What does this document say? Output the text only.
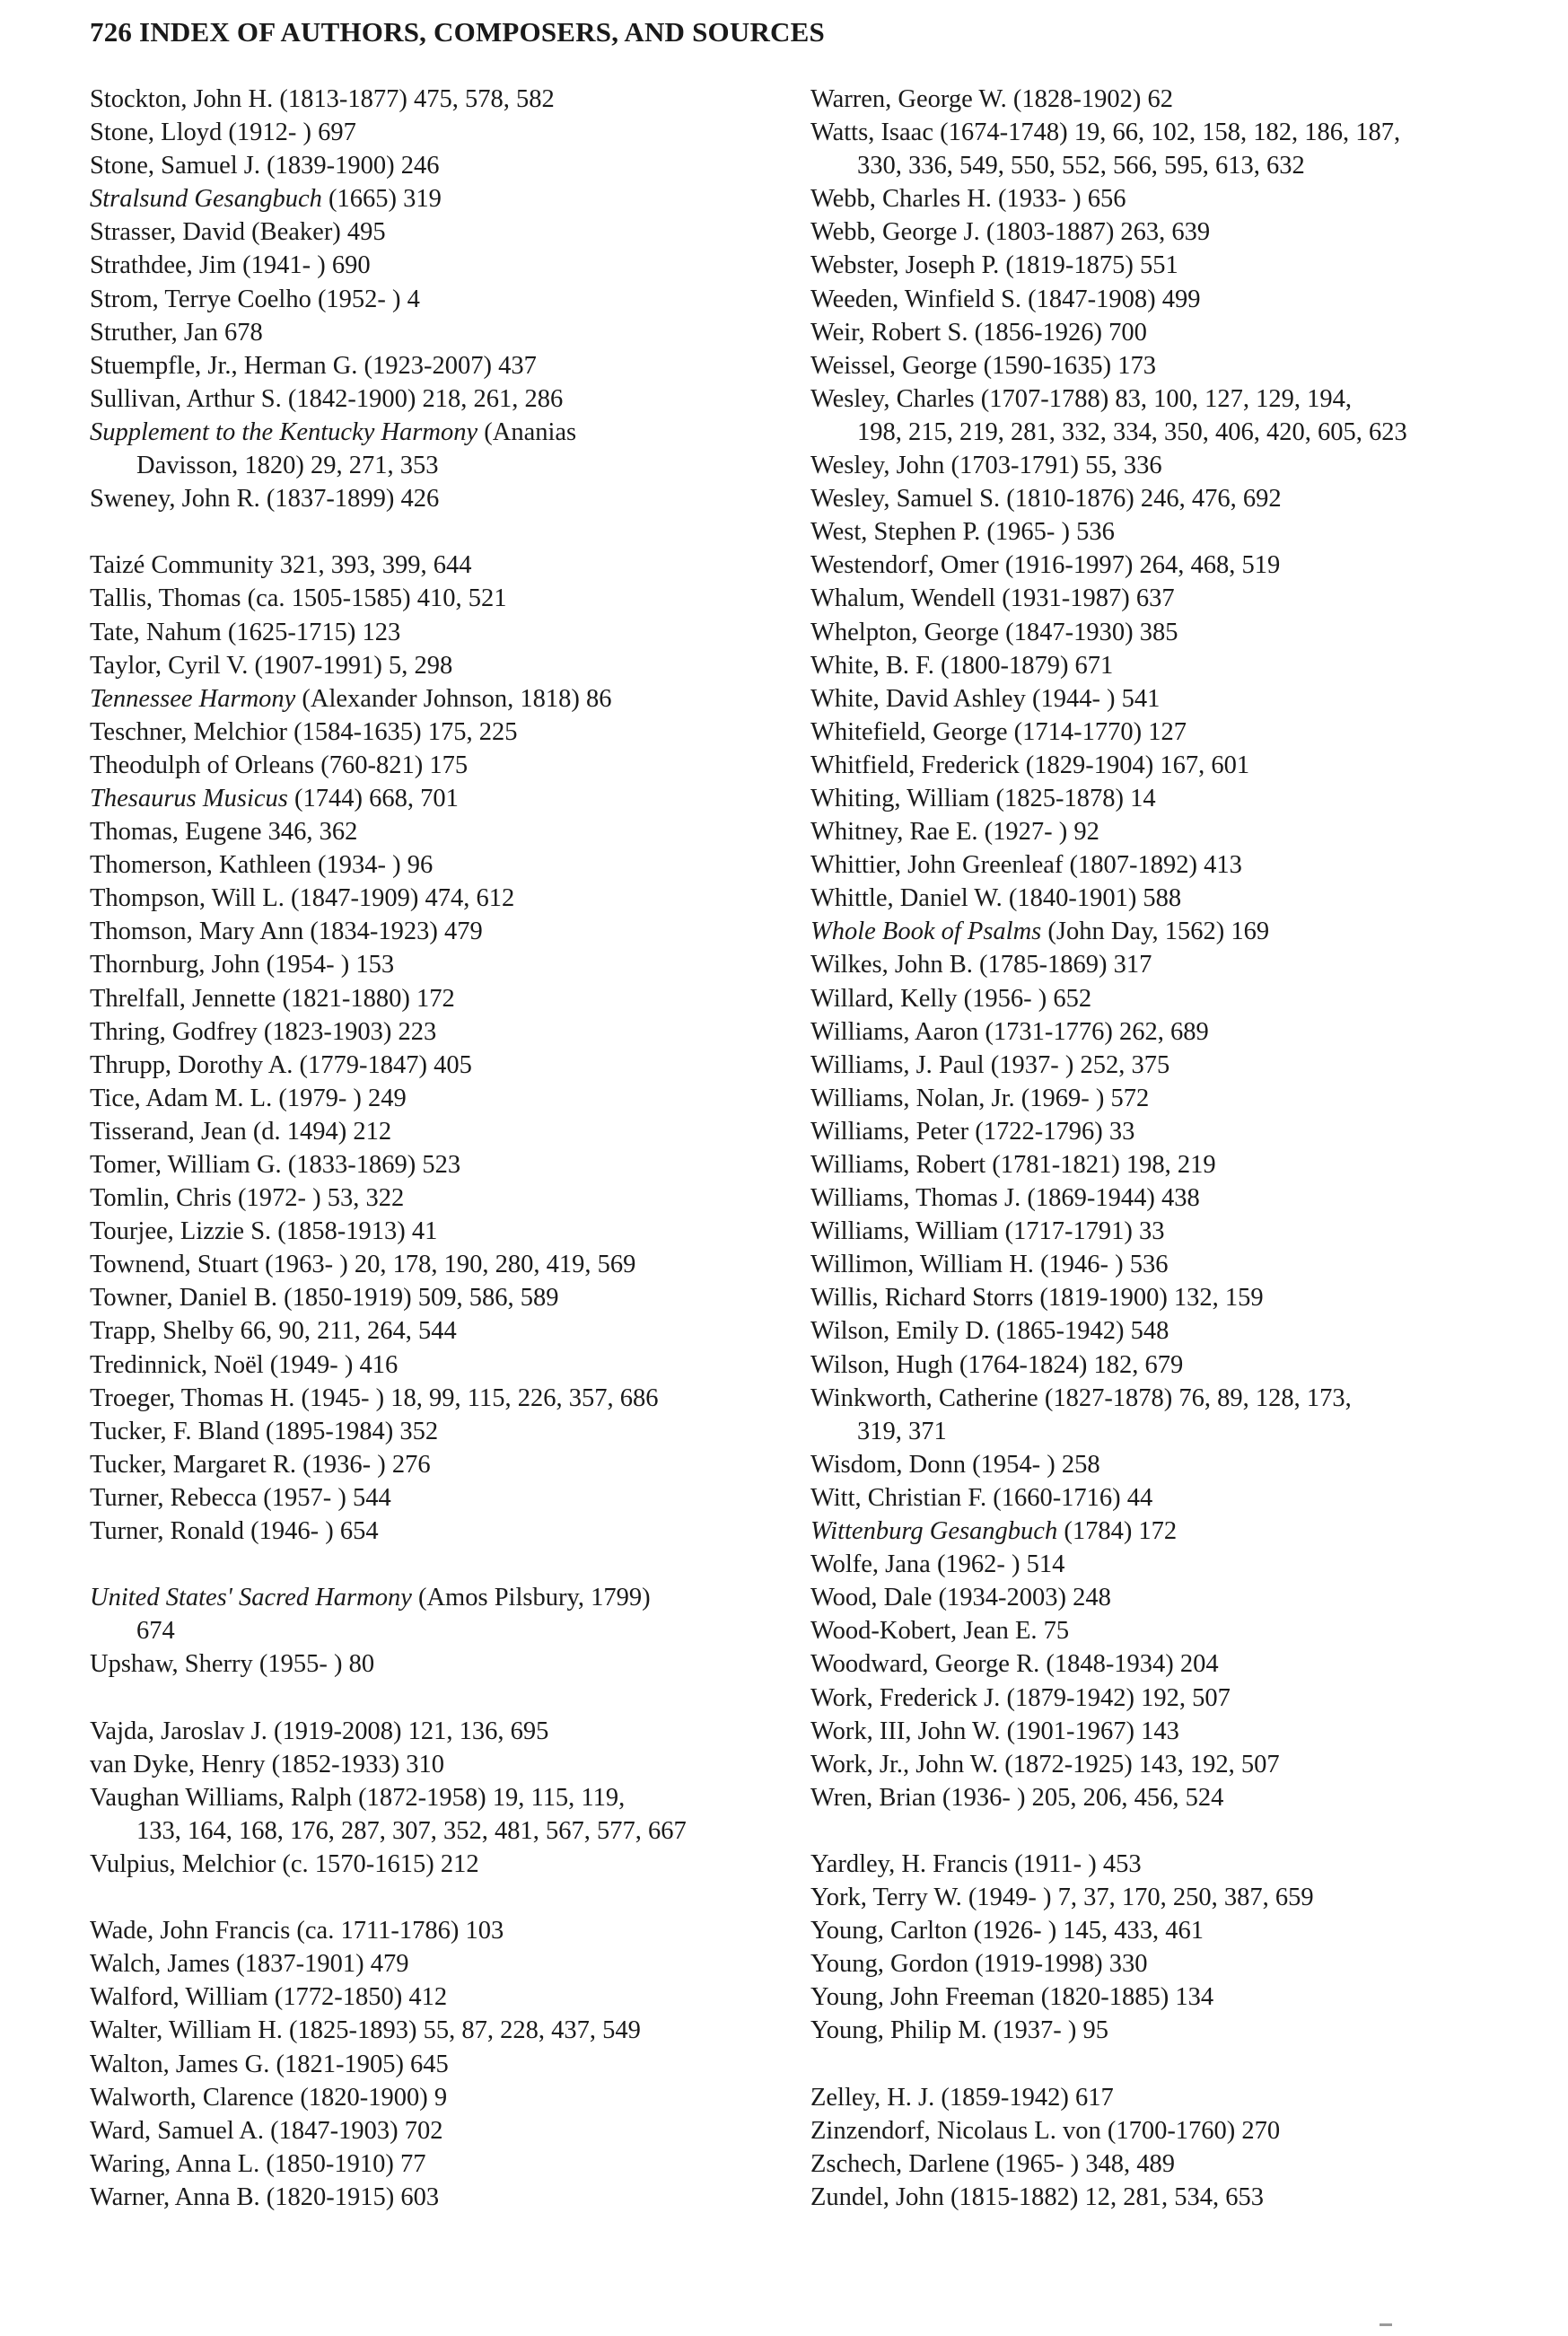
726 INDEX OF AUTHORS, COMPOSERS, AND SOURCES
Stockton, John H. (1813-1877) 475, 578, 582
Stone, Lloyd (1912- ) 697
Stone, Samuel J. (1839-1900) 246
Stralsund Gesangbuch (1665) 319
Strasser, David (Beaker) 495
Strathdee, Jim (1941- ) 690
Strom, Terrye Coelho (1952- ) 4
Struther, Jan 678
Stuempfle, Jr., Herman G. (1923-2007) 437
Sullivan, Arthur S. (1842-1900) 218, 261, 286
Supplement to the Kentucky Harmony (Ananias
Davisson, 1820) 29, 271, 353
Sweney, John R. (1837-1899) 426
Taizé Community 321, 393, 399, 644
Tallis, Thomas (ca. 1505-1585) 410, 521
Tate, Nahum (1625-1715) 123
Taylor, Cyril V. (1907-1991) 5, 298
Tennessee Harmony (Alexander Johnson, 1818) 86
Teschner, Melchior (1584-1635) 175, 225
Theodulph of Orleans (760-821) 175
Thesaurus Musicus (1744) 668, 701
Thomas, Eugene 346, 362
Thomerson, Kathleen (1934- ) 96
Thompson, Will L. (1847-1909) 474, 612
Thomson, Mary Ann (1834-1923) 479
Thornburg, John (1954- ) 153
Threlfall, Jennette (1821-1880) 172
Thring, Godfrey (1823-1903) 223
Thrupp, Dorothy A. (1779-1847) 405
Tice, Adam M. L. (1979- ) 249
Tisserand, Jean (d. 1494) 212
Tomer, William G. (1833-1869) 523
Tomlin, Chris (1972- ) 53, 322
Tourjee, Lizzie S. (1858-1913) 41
Townend, Stuart (1963- ) 20, 178, 190, 280, 419, 569
Towner, Daniel B. (1850-1919) 509, 586, 589
Trapp, Shelby 66, 90, 211, 264, 544
Tredinnick, Noël (1949- ) 416
Troeger, Thomas H. (1945- ) 18, 99, 115, 226, 357, 686
Tucker, F. Bland (1895-1984) 352
Tucker, Margaret R. (1936- ) 276
Turner, Rebecca (1957- ) 544
Turner, Ronald (1946- ) 654
United States' Sacred Harmony (Amos Pilsbury, 1799)
674
Upshaw, Sherry (1955- ) 80
Vajda, Jaroslav J. (1919-2008) 121, 136, 695
van Dyke, Henry (1852-1933) 310
Vaughan Williams, Ralph (1872-1958) 19, 115, 119,
133, 164, 168, 176, 287, 307, 352, 481, 567, 577, 667
Vulpius, Melchior (c. 1570-1615) 212
Wade, John Francis (ca. 1711-1786) 103
Walch, James (1837-1901) 479
Walford, William (1772-1850) 412
Walter, William H. (1825-1893) 55, 87, 228, 437, 549
Walton, James G. (1821-1905) 645
Walworth, Clarence (1820-1900) 9
Ward, Samuel A. (1847-1903) 702
Waring, Anna L. (1850-1910) 77
Warner, Anna B. (1820-1915) 603
Warren, George W. (1828-1902) 62
Watts, Isaac (1674-1748) 19, 66, 102, 158, 182, 186, 187,
330, 336, 549, 550, 552, 566, 595, 613, 632
Webb, Charles H. (1933- ) 656
Webb, George J. (1803-1887) 263, 639
Webster, Joseph P. (1819-1875) 551
Weeden, Winfield S. (1847-1908) 499
Weir, Robert S. (1856-1926) 700
Weissel, George (1590-1635) 173
Wesley, Charles (1707-1788) 83, 100, 127, 129, 194,
198, 215, 219, 281, 332, 334, 350, 406, 420, 605, 623
Wesley, John (1703-1791) 55, 336
Wesley, Samuel S. (1810-1876) 246, 476, 692
West, Stephen P. (1965- ) 536
Westendorf, Omer (1916-1997) 264, 468, 519
Whalum, Wendell (1931-1987) 637
Whelpton, George (1847-1930) 385
White, B. F. (1800-1879) 671
White, David Ashley (1944- ) 541
Whitefield, George (1714-1770) 127
Whitfield, Frederick (1829-1904) 167, 601
Whiting, William (1825-1878) 14
Whitney, Rae E. (1927- ) 92
Whittier, John Greenleaf (1807-1892) 413
Whittle, Daniel W. (1840-1901) 588
Whole Book of Psalms (John Day, 1562) 169
Wilkes, John B. (1785-1869) 317
Willard, Kelly (1956- ) 652
Williams, Aaron (1731-1776) 262, 689
Williams, J. Paul (1937- ) 252, 375
Williams, Nolan, Jr. (1969- ) 572
Williams, Peter (1722-1796) 33
Williams, Robert (1781-1821) 198, 219
Williams, Thomas J. (1869-1944) 438
Williams, William (1717-1791) 33
Willimon, William H. (1946- ) 536
Willis, Richard Storrs (1819-1900) 132, 159
Wilson, Emily D. (1865-1942) 548
Wilson, Hugh (1764-1824) 182, 679
Winkworth, Catherine (1827-1878) 76, 89, 128, 173,
319, 371
Wisdom, Donn (1954- ) 258
Witt, Christian F. (1660-1716) 44
Wittenburg Gesangbuch (1784) 172
Wolfe, Jana (1962- ) 514
Wood, Dale (1934-2003) 248
Wood-Kobert, Jean E. 75
Woodward, George R. (1848-1934) 204
Work, Frederick J. (1879-1942) 192, 507
Work, III, John W. (1901-1967) 143
Work, Jr., John W. (1872-1925) 143, 192, 507
Wren, Brian (1936- ) 205, 206, 456, 524
Yardley, H. Francis (1911- ) 453
York, Terry W. (1949- ) 7, 37, 170, 250, 387, 659
Young, Carlton (1926- ) 145, 433, 461
Young, Gordon (1919-1998) 330
Young, John Freeman (1820-1885) 134
Young, Philip M. (1937- ) 95
Zelley, H. J. (1859-1942) 617
Zinzendorf, Nicolaus L. von (1700-1760) 270
Zschech, Darlene (1965- ) 348, 489
Zundel, John (1815-1882) 12, 281, 534, 653
